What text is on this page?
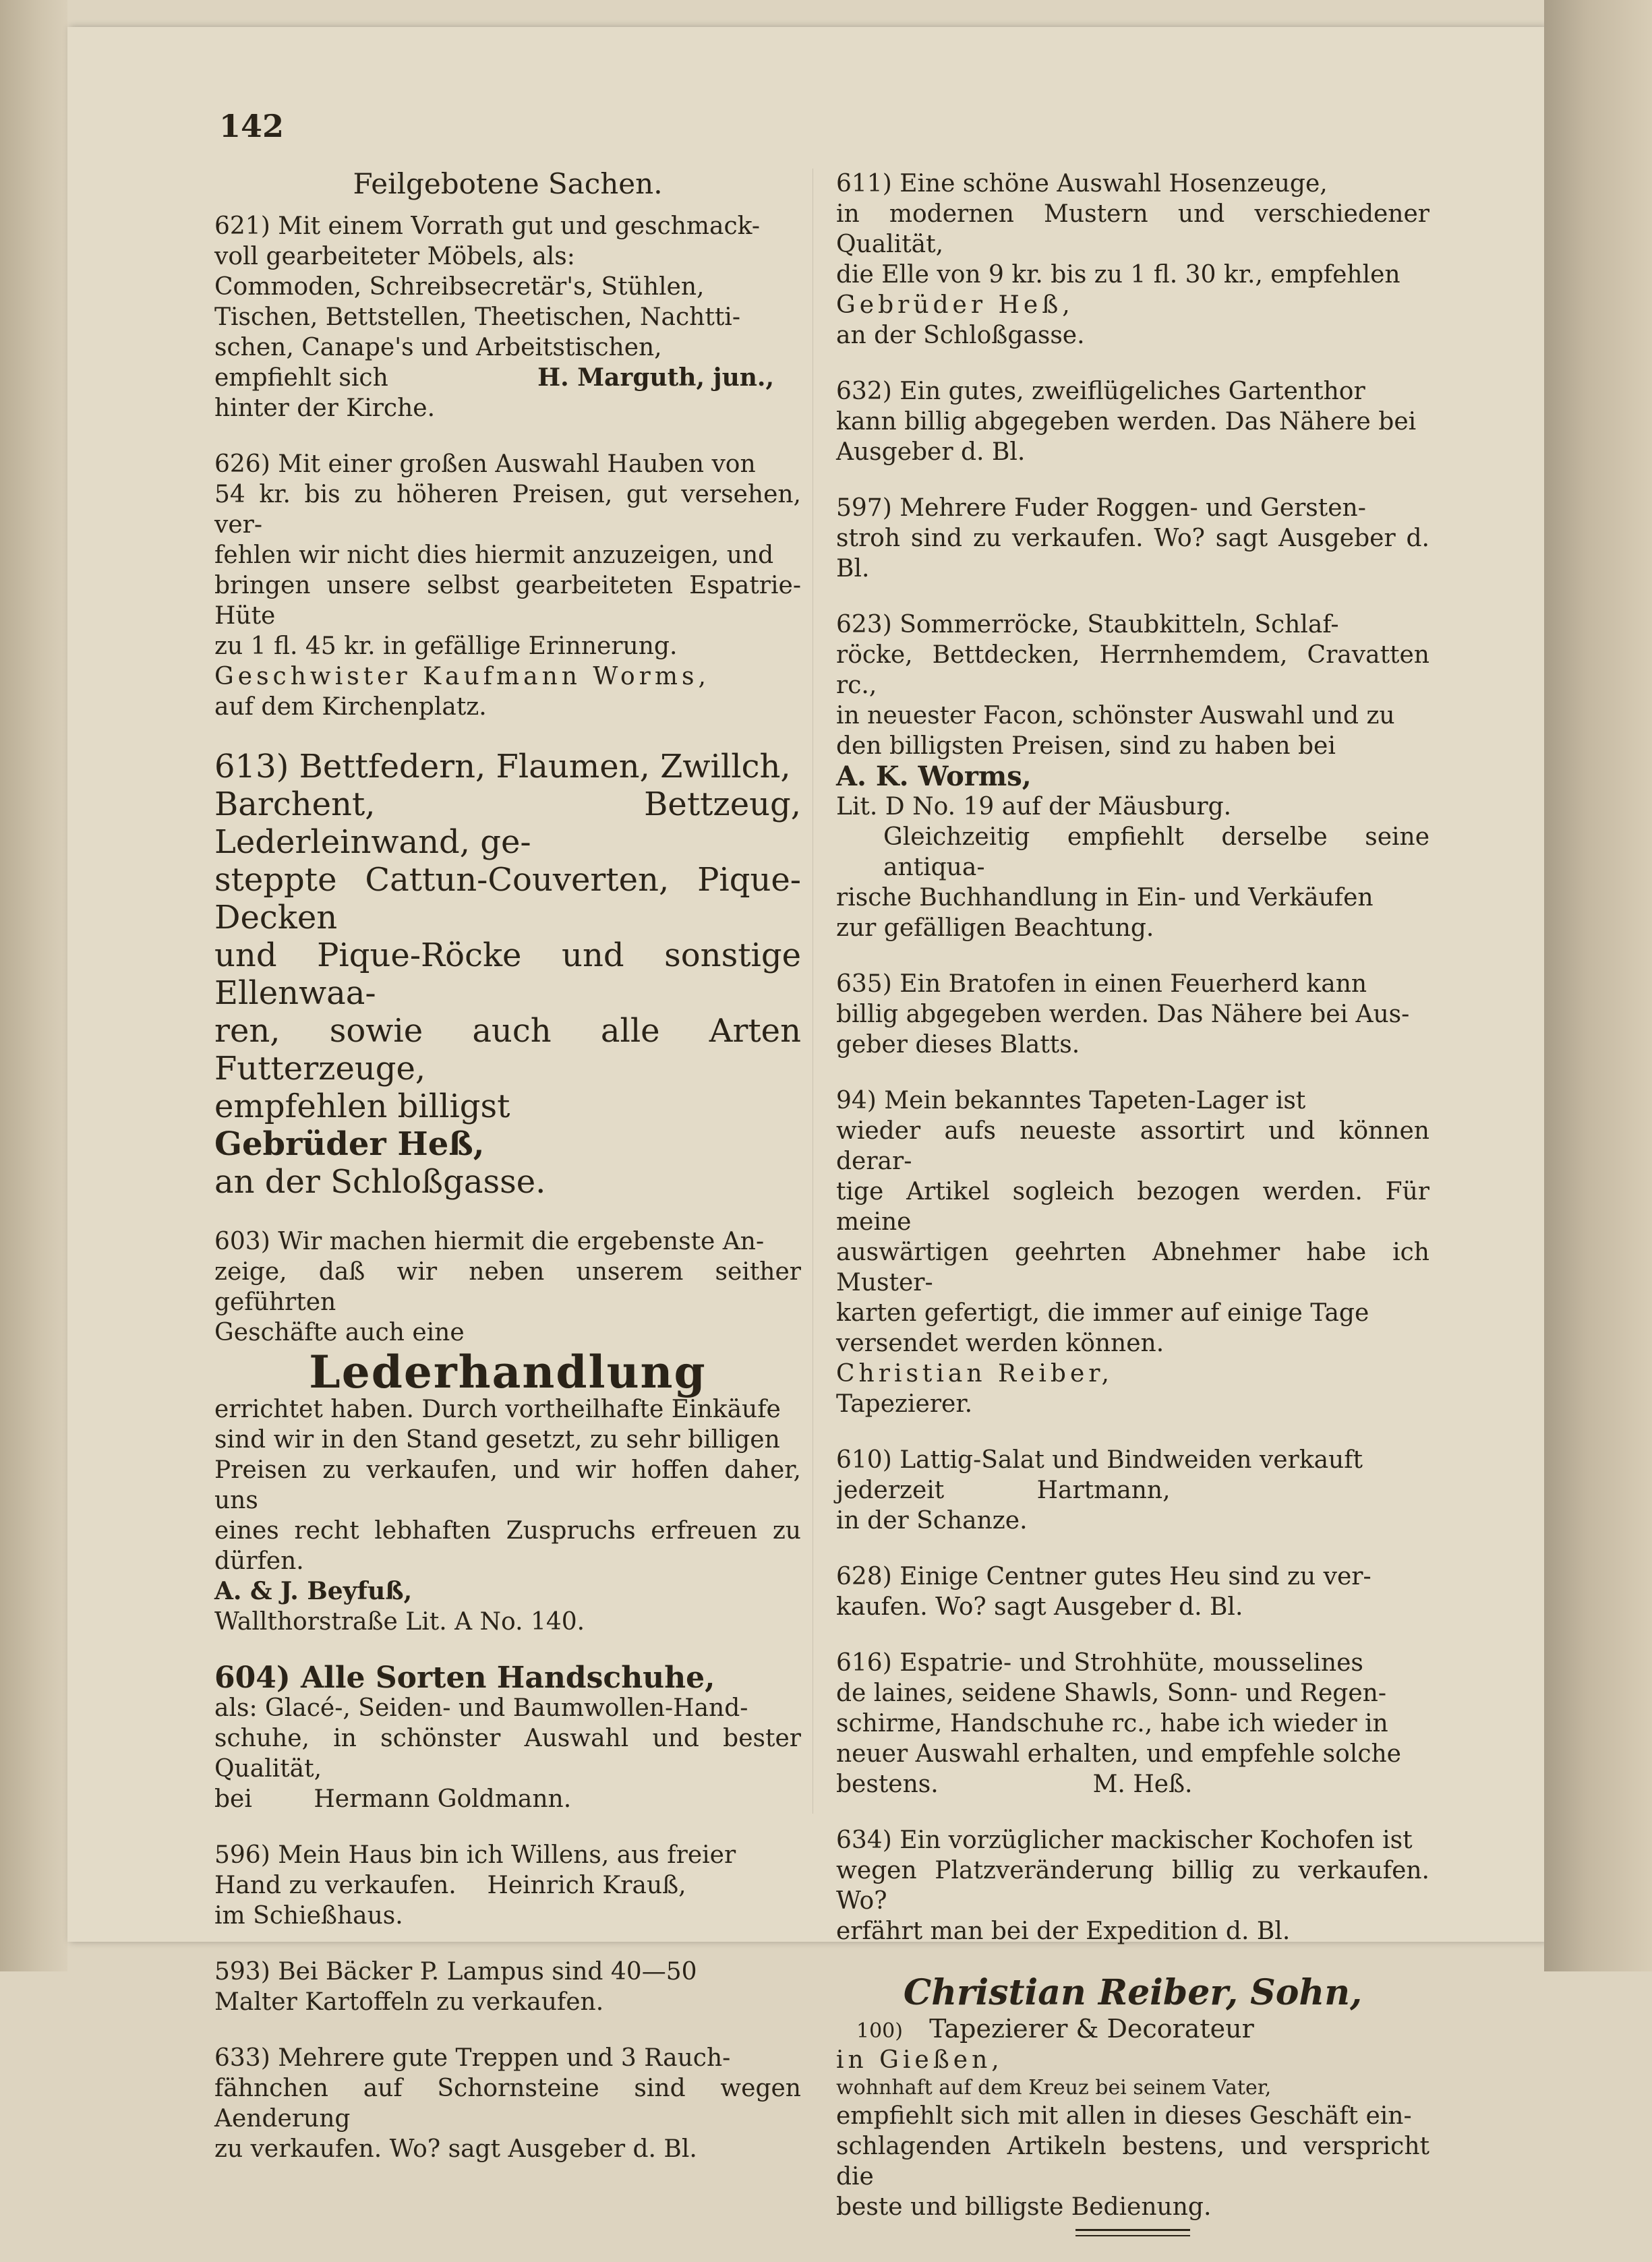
142
Feilgebotene Sachen.

621) Mit einem Vorrath gut und geschmack-

voll gearbeiteter Möbels, als:

Commoden, Schreibsecretär's, Stühlen,

Tischen, Bettstellen, Theetischen, Nachtti-

schen, Canape's und Arbeitstischen,

empfiehlt sich	H. Marguth, jun.,

hinter der Kirche.

626) Mit einer großen Auswahl Hauben von

54 kr. bis zu höheren Preisen, gut versehen, ver-

fehlen wir nicht dies hiermit anzuzeigen, und

bringen unsere selbst gearbeiteten Espatrie-Hüte

zu 1 fl. 45 kr. in gefällige Erinnerung.

Geschwister Kaufmann Worms,

auf dem Kirchenplatz.

613) Bettfedern, Flaumen, Zwillch,

Barchent, Bettzeug, Lederleinwand, ge-

steppte Cattun-Couverten, Pique-Decken

und Pique-Röcke und sonstige Ellenwaa-

ren, sowie auch alle Arten Futterzeuge,

empfehlen billigst

Gebrüder Heß,

an der Schloßgasse.

603) Wir machen hiermit die ergebenste An-

zeige, daß wir neben unserem seither geführten

Geschäfte auch eine

Lederhandlung

errichtet haben. Durch vortheilhafte Einkäufe

sind wir in den Stand gesetzt, zu sehr billigen

Preisen zu verkaufen, und wir hoffen daher, uns

eines recht lebhaften Zuspruchs erfreuen zu dürfen.

A. & J. Beyfuß,

Wallthorstraße Lit. A No. 140.

604) Alle Sorten Handschuhe,

als: Glacé-, Seiden- und Baumwollen-Hand-

schuhe, in schönster Auswahl und bester Qualität,

bei        Hermann Goldmann.

596) Mein Haus bin ich Willens, aus freier

Hand zu verkaufen.    Heinrich Krauß,

im Schießhaus.

593) Bei Bäcker P. Lampus sind 40—50

Malter Kartoffeln zu verkaufen.

633) Mehrere gute Treppen und 3 Rauch-

fähnchen auf Schornsteine sind wegen Aenderung

zu verkaufen. Wo? sagt Ausgeber d. Bl.

611) Eine schöne Auswahl Hosenzeuge,

in modernen Mustern und verschiedener Qualität,

die Elle von 9 kr. bis zu 1 fl. 30 kr., empfehlen

Gebrüder Heß,

an der Schloßgasse.

632) Ein gutes, zweiflügeliches Gartenthor

kann billig abgegeben werden. Das Nähere bei

Ausgeber d. Bl.

597) Mehrere Fuder Roggen- und Gersten-

stroh sind zu verkaufen. Wo? sagt Ausgeber d. Bl.

623) Sommerröcke, Staubkitteln, Schlaf-

röcke, Bettdecken, Herrnhemdem, Cravatten rc.,

in neuester Facon, schönster Auswahl und zu

den billigsten Preisen, sind zu haben bei

A. K. Worms,

Lit. D No. 19 auf der Mäusburg.

Gleichzeitig empfiehlt derselbe seine antiqua-

rische Buchhandlung in Ein- und Verkäufen

zur gefälligen Beachtung.

635) Ein Bratofen in einen Feuerherd kann

billig abgegeben werden. Das Nähere bei Aus-

geber dieses Blatts.

94) Mein bekanntes Tapeten-Lager ist

wieder aufs neueste assortirt und können derar-

tige Artikel sogleich bezogen werden. Für meine

auswärtigen geehrten Abnehmer habe ich Muster-

karten gefertigt, die immer auf einige Tage

versendet werden können.

Christian Reiber,

Tapezierer.

610) Lattig-Salat und Bindweiden verkauft

jederzeit            Hartmann,

in der Schanze.

628) Einige Centner gutes Heu sind zu ver-

kaufen. Wo? sagt Ausgeber d. Bl.

616) Espatrie- und Strohhüte, mousselines

de laines, seidene Shawls, Sonn- und Regen-

schirme, Handschuhe rc., habe ich wieder in

neuer Auswahl erhalten, und empfehle solche

bestens.                    M. Heß.

634) Ein vorzüglicher mackischer Kochofen ist

wegen Platzveränderung billig zu verkaufen. Wo?

erfährt man bei der Expedition d. Bl.

Christian Reiber, Sohn,

100) Tapezierer & Decorateur

in Gießen,

wohnhaft auf dem Kreuz bei seinem Vater,

empfiehlt sich mit allen in dieses Geschäft ein-

schlagenden Artikeln bestens, und verspricht die

beste und billigste Bedienung.
